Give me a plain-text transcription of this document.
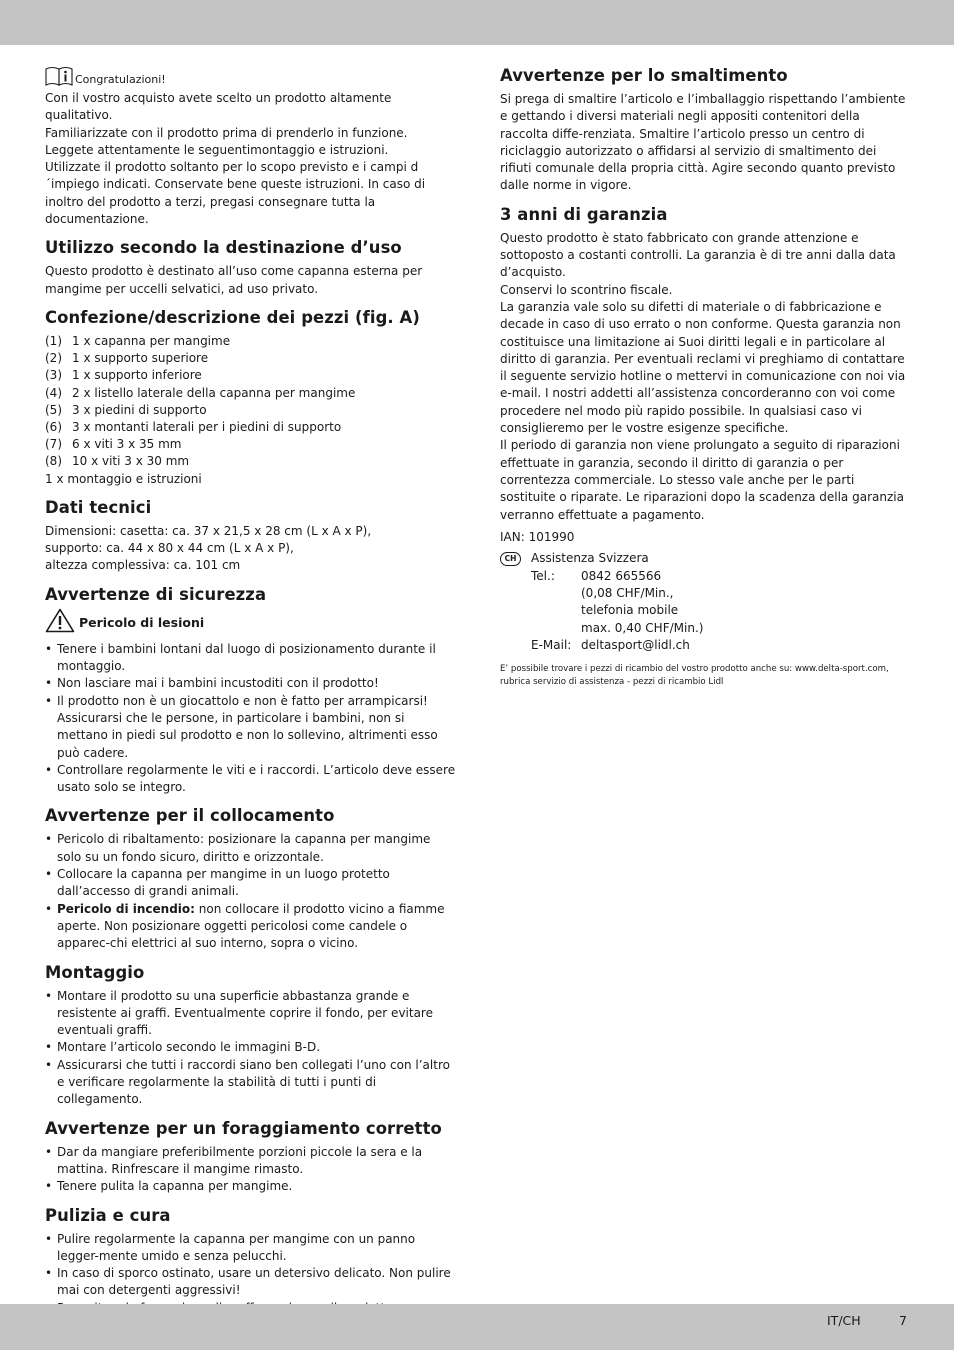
Congratulazioni!

Con il vostro acquisto avete scelto un prodotto altamente qualitativo.

Familiarizzate con il prodotto prima di prenderlo in funzione.

Leggete attentamente le seguentimontaggio e istruzioni.

Utilizzate il prodotto soltanto per lo scopo previsto e i campi d´impiego indicati. Conservate bene queste istruzioni. In caso di inoltro del prodotto a terzi, pregasi consegnare tutta la documentazione.

Utilizzo secondo la destinazione d’uso

Questo prodotto è destinato all’uso come capanna esterna per mangime per uccelli selvatici, ad uso privato.

Confezione/descrizione dei pezzi (fig. A)
(1) 1 x capanna per mangime
(2) 1 x supporto superiore
(3) 1 x supporto inferiore
(4) 2 x listello laterale della capanna per mangime
(5) 3 x piedini di supporto
(6) 3 x montanti laterali per i piedini di supporto
(7) 6 x viti 3 x 35 mm
(8) 10 x viti 3 x 30 mm

1 x montaggio e istruzioni

Dati tecnici

Dimensioni: casetta: ca. 37 x 21,5 x 28 cm (L x A x P),

supporto: ca. 44 x 80 x 44 cm (L x A x P),

altezza complessiva: ca. 101 cm

Avvertenze di sicurezza
Pericolo di lesioni
• Tenere i bambini lontani dal luogo di posizionamento durante il montaggio.
• Non lasciare mai i bambini incustoditi con il prodotto!
• Il prodotto non è un giocattolo e non è fatto per arrampicarsi! Assicurarsi che le persone, in particolare i bambini, non si mettano in piedi sul prodotto e non lo sollevino, altrimenti esso può cadere.
• Controllare regolarmente le viti e i raccordi. L’articolo deve essere usato solo se integro.
Avvertenze per il collocamento
• Pericolo di ribaltamento: posizionare la capanna per mangime solo su un fondo sicuro, diritto e orizzontale.
• Collocare la capanna per mangime in un luogo protetto dall’accesso di grandi animali.
• Pericolo di incendio: non collocare il prodotto vicino a fiamme aperte. Non posizionare oggetti pericolosi come candele o apparec-chi elettrici al suo interno, sopra o vicino.
Montaggio
• Montare il prodotto su una superficie abbastanza grande e resistente ai graffi. Eventualmente coprire il fondo, per evitare eventuali graffi.
• Montare l’articolo secondo le immagini B-D.
• Assicurarsi che tutti i raccordi siano ben collegati l’uno con l’altro e verificare regolarmente la stabilità di tutti i punti di collegamento.
Avvertenze per un foraggiamento corretto
• Dar da mangiare preferibilmente porzioni piccole la sera e la mattina. Rinfrescare il mangime rimasto.
• Tenere pulita la capanna per mangime.
Pulizia e cura
• Pulire regolarmente la capanna per mangime con un panno legger-mente umido e senza pelucchi.
• In caso di sporco ostinato, usare un detersivo delicato. Non pulire mai con detergenti aggressivi!
•
Avvertenze per lo smaltimento

Si prega di smaltire l’articolo e l’imballaggio rispettando l’ambiente e gettando i diversi materiali negli appositi contenitori della raccolta diffe-renziata. Smaltire l’articolo presso un centro di riciclaggio autorizzato o affidarsi al servizio di smaltimento dei rifiuti comunale della propria città. Agire secondo quanto previsto dalle norme in vigore.

3 anni di garanzia

Questo prodotto è stato fabbricato con grande attenzione e sottoposto a costanti controlli. La garanzia è di tre anni dalla data d’acquisto.

Conservi lo scontrino fiscale.

La garanzia vale solo su difetti di materiale o di fabbricazione e decade in caso di uso errato o non conforme. Questa garanzia non costituisce una limitazione ai Suoi diritti legali e in particolare al diritto di garanzia. Per eventuali reclami vi preghiamo di contattare il seguente servizio hotline o mettervi in comunicazione con noi via e-mail. I nostri addetti all’assistenza concorderanno con voi come procedere nel modo più rapido possibile. In qualsiasi caso vi consiglieremo per le vostre esigenze specifiche.

Il periodo di garanzia non viene prolungato a seguito di riparazioni effettuate in garanzia, secondo il diritto di garanzia o per correntezza commerciale. Lo stesso vale anche per le parti sostituite o riparate. Le riparazioni dopo la scadenza della garanzia verranno effettuate a pagamento.

IAN: 101990

CH	Assistenza Svizzera

Tel.:	0842 665566
(0,08 CHF/Min.,
telefonia mobile
max. 0,40 CHF/Min.)
E-Mail: deltasport@lidl.ch

E’ possibile trovare i pezzi di ricambio del vostro prodotto anche su: www.delta-sport.com, rubrica servizio di assistenza - pezzi di ricambio Lidl

IT/CH	7
